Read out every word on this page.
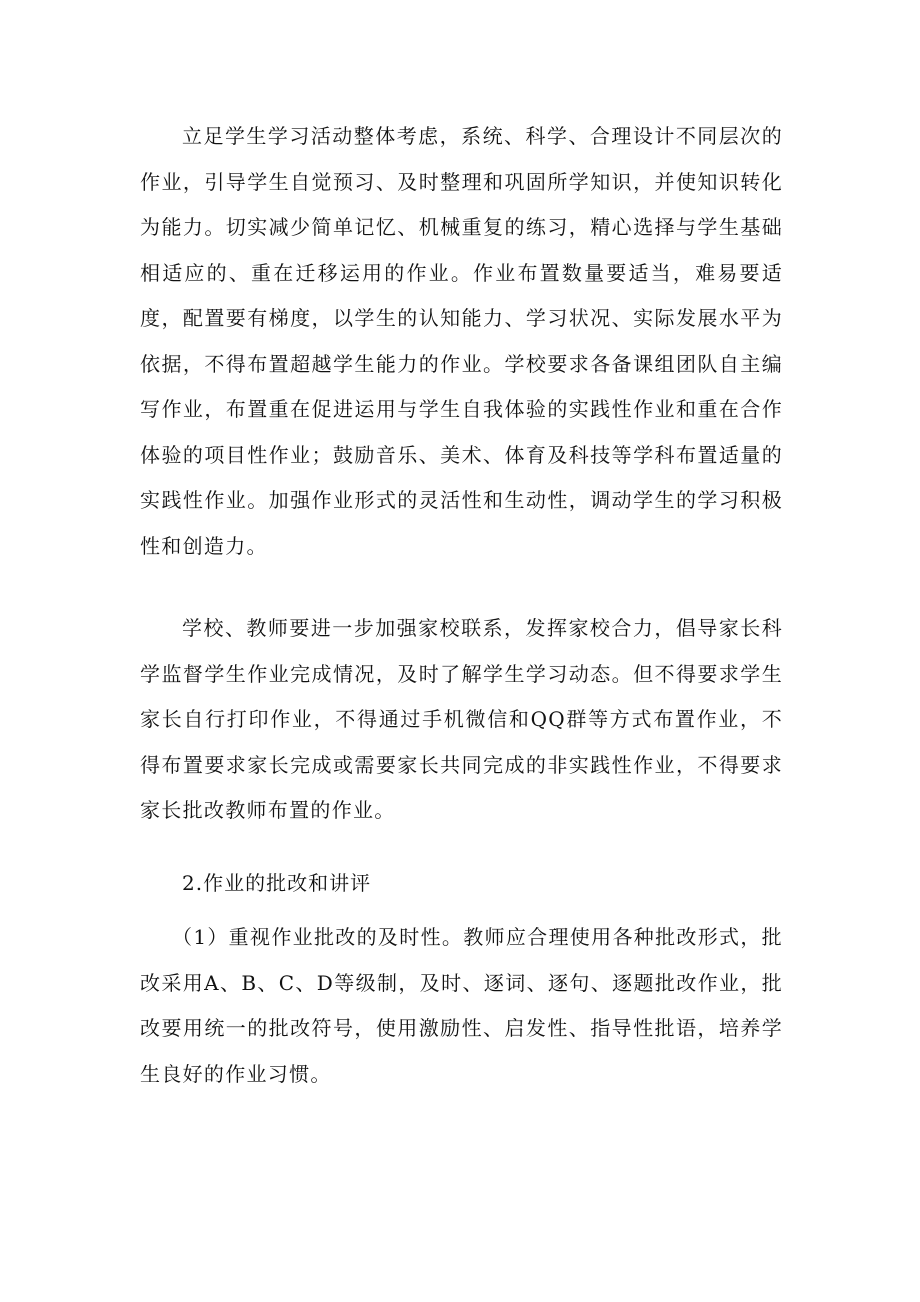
立足学生学习活动整体考虑，系统、科学、合理设计不同层次的作业，引导学生自觉预习、及时整理和巩固所学知识，并使知识转化为能力。切实减少简单记忆、机械重复的练习，精心选择与学生基础相适应的、重在迁移运用的作业。作业布置数量要适当，难易要适度，配置要有梯度，以学生的认知能力、学习状况、实际发展水平为依据，不得布置超越学生能力的作业。学校要求各备课组团队自主编写作业，布置重在促进运用与学生自我体验的实践性作业和重在合作体验的项目性作业；鼓励音乐、美术、体育及科技等学科布置适量的实践性作业。加强作业形式的灵活性和生动性，调动学生的学习积极性和创造力。

学校、教师要进一步加强家校联系，发挥家校合力，倡导家长科学监督学生作业完成情况，及时了解学生学习动态。但不得要求学生家长自行打印作业，不得通过手机微信和QQ群等方式布置作业，不得布置要求家长完成或需要家长共同完成的非实践性作业，不得要求家长批改教师布置的作业。

2.作业的批改和讲评

（1）重视作业批改的及时性。教师应合理使用各种批改形式，批改采用A、B、C、D等级制，及时、逐词、逐句、逐题批改作业，批改要用统一的批改符号，使用激励性、启发性、指导性批语，培养学生良好的作业习惯。
